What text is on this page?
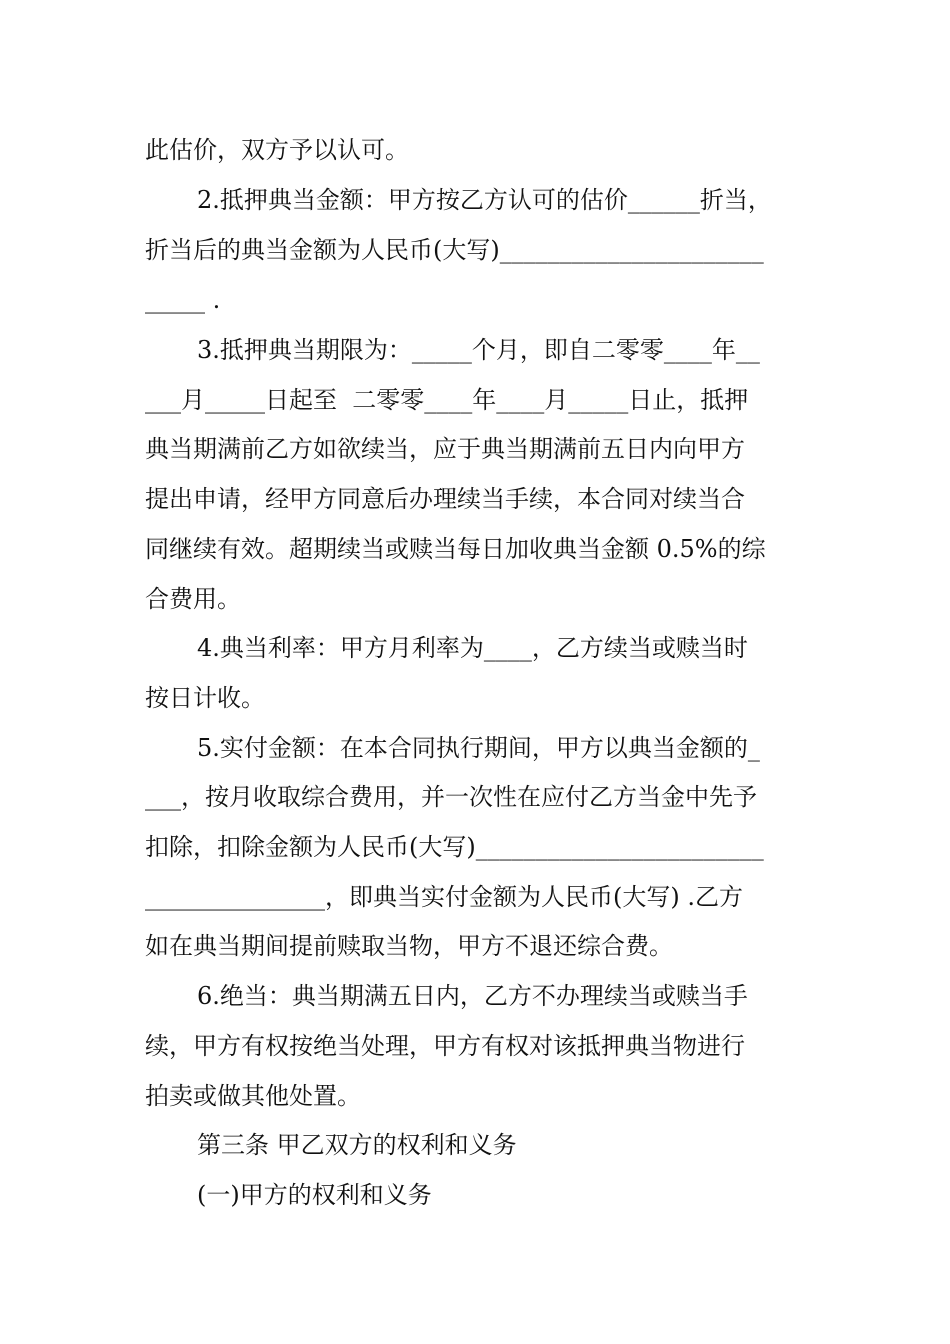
此估价，双方予以认可。

2.抵押典当金额：甲方按乙方认可的估价______折当，

折当后的典当金额为人民币(大写)______________________

_____ .

3.抵押典当期限为：_____个月，即自二零零____年__

___月_____日起至  二零零____年____月_____日止，抵押

典当期满前乙方如欲续当，应于典当期满前五日内向甲方

提出申请，经甲方同意后办理续当手续，本合同对续当合

同继续有效。超期续当或赎当每日加收典当金额 0.5%的综

合费用。

4.典当利率：甲方月利率为____，乙方续当或赎当时

按日计收。

5.实付金额：在本合同执行期间，甲方以典当金额的_

___，按月收取综合费用，并一次性在应付乙方当金中先予

扣除，扣除金额为人民币(大写)________________________

_______________，即典当实付金额为人民币(大写) .乙方

如在典当期间提前赎取当物，甲方不退还综合费。

6.绝当：典当期满五日内，乙方不办理续当或赎当手

续，甲方有权按绝当处理，甲方有权对该抵押典当物进行

拍卖或做其他处置。

第三条 甲乙双方的权利和义务

(一)甲方的权利和义务
